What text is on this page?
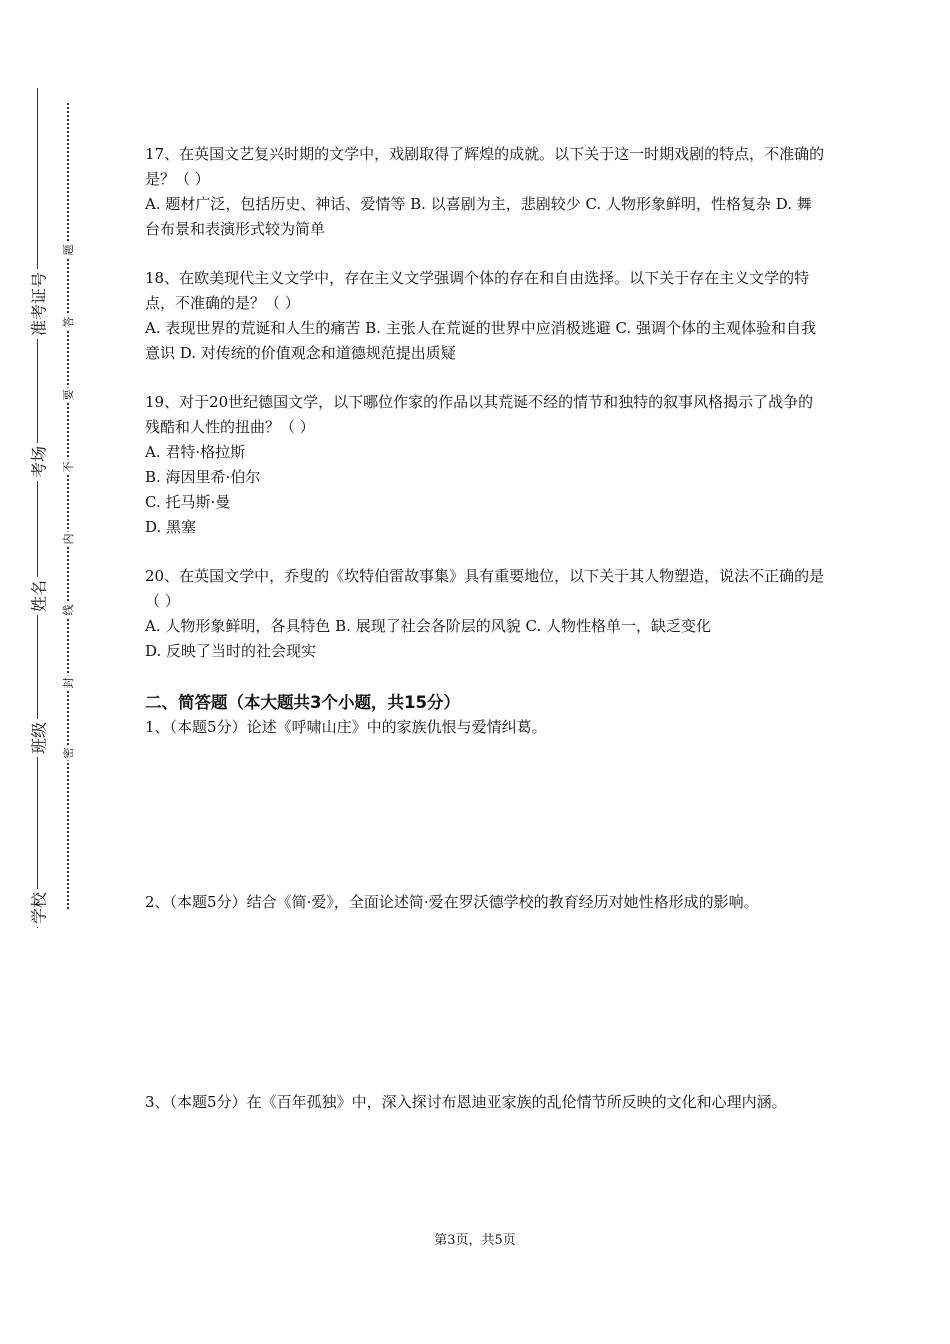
准考证号
考场
姓名
班级
学校
题
答
要
不
内
线
封
密

17、在英国文艺复兴时期的文学中，戏剧取得了辉煌的成就。以下关于这一时期戏剧的特点，不准确的是？（ ）

A. 题材广泛，包括历史、神话、爱情等 B. 以喜剧为主，悲剧较少 C. 人物形象鲜明，性格复杂 D. 舞台布景和表演形式较为简单

18、在欧美现代主义文学中，存在主义文学强调个体的存在和自由选择。以下关于存在主义文学的特点，不准确的是？（ ）

A. 表现世界的荒诞和人生的痛苦 B. 主张人在荒诞的世界中应消极逃避 C. 强调个体的主观体验和自我意识 D. 对传统的价值观念和道德规范提出质疑

19、对于20世纪德国文学，以下哪位作家的作品以其荒诞不经的情节和独特的叙事风格揭示了战争的残酷和人性的扭曲？（ ）

A. 君特·格拉斯

B. 海因里希·伯尔

C. 托马斯·曼

D. 黑塞

20、在英国文学中，乔叟的《坎特伯雷故事集》具有重要地位，以下关于其人物塑造，说法不正确的是（ ）

A. 人物形象鲜明，各具特色 B. 展现了社会各阶层的风貌 C. 人物性格单一，缺乏变化

D. 反映了当时的社会现实

二、简答题（本大题共3个小题，共15分）

1、（本题5分）论述《呼啸山庄》中的家族仇恨与爱情纠葛。

2、（本题5分）结合《简·爱》，全面论述简·爱在罗沃德学校的教育经历对她性格形成的影响。

3、（本题5分）在《百年孤独》中，深入探讨布恩迪亚家族的乱伦情节所反映的文化和心理内涵。

第3页，共5页
